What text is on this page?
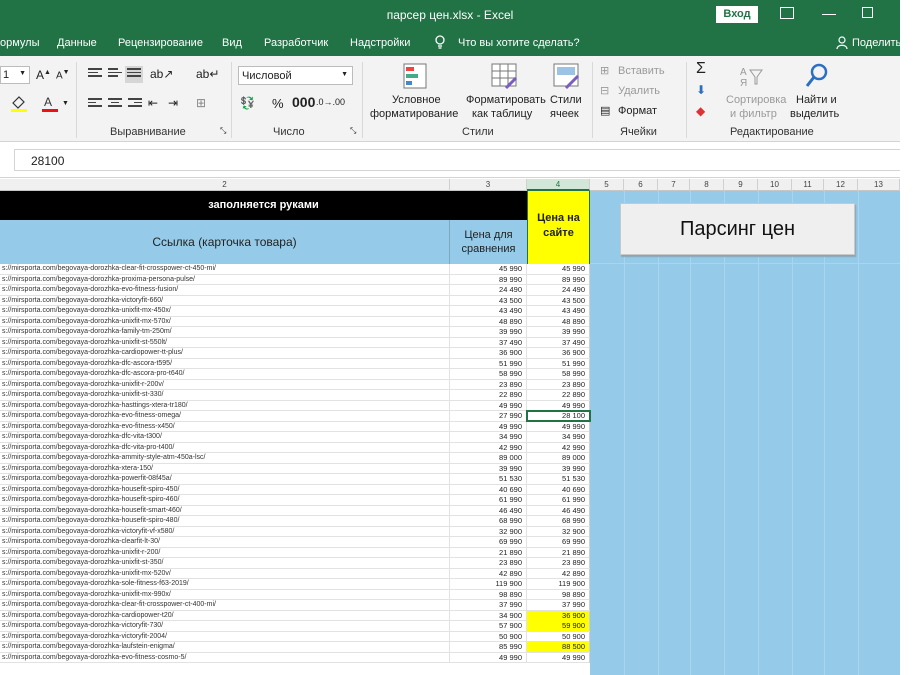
парсер цен.xlsx - Excel	Вход
ормулы Данные Рецензирование Вид Разработчик Надстройки	Что вы хотите сделать?	Поделиться
1 ▼ A▲ A▼
A ▼
ab↗ ab↵
⇤ ⇥ ⊞
Выравнивание	⤡
Числовой	▼
💱 % 000 .0→.00
Число	⤡
Условное
форматирование
Форматировать
как таблицу
Стили
ячеек
Стили
⊞ Вставить
⊟ Удалить
▤ Формат
Ячейки
Σ
⬇
◆
A
Я
Сортировка
и фильтр
Найти и
выделить
Редактирование
28100
2	3	4	5	6	7	8	9	10	11	12	13
заполняется руками
Ссылка (карточка товара)	Цена для
сравнения
Цена на
сайте	Парсинг цен
s://mirsporta.com/begovaya-dorozhka-clear-fit-crosspower-ct-450-mi/	45 990	45 990
s://mirsporta.com/begovaya-dorozhka-proxima-persona-pulse/	89 990	89 990
s://mirsporta.com/begovaya-dorozhka-evo-fitness-fusion/	24 490	24 490
s://mirsporta.com/begovaya-dorozhka-victoryfit-660/	43 500	43 500
s://mirsporta.com/begovaya-dorozhka-unixfit-mx-450x/	43 490	43 490
s://mirsporta.com/begovaya-dorozhka-unixfit-mx-570x/	48 890	48 890
s://mirsporta.com/begovaya-dorozhka-family-tm-250m/	39 990	39 990
s://mirsporta.com/begovaya-dorozhka-unixfit-st-550lt/	37 490	37 490
s://mirsporta.com/begovaya-dorozhka-cardiopower-tt-plus/	36 900	36 900
s://mirsporta.com/begovaya-dorozhka-dfc-ascora-t595/	51 990	51 990
s://mirsporta.com/begovaya-dorozhka-dfc-ascora-pro-t640/	58 990	58 990
s://mirsporta.com/begovaya-dorozhka-unixfit-r-200v/	23 890	23 890
s://mirsporta.com/begovaya-dorozhka-unixfit-st-330/	22 890	22 890
s://mirsporta.com/begovaya-dorozhka-hasttings-xtera-tr180/	49 990	49 990
s://mirsporta.com/begovaya-dorozhka-evo-fitness-omega/	27 990	28 100
s://mirsporta.com/begovaya-dorozhka-evo-fitness-x450/	49 990	49 990
s://mirsporta.com/begovaya-dorozhka-dfc-vita-t300/	34 990	34 990
s://mirsporta.com/begovaya-dorozhka-dfc-vita-pro-t400/	42 990	42 990
s://mirsporta.com/begovaya-dorozhka-ammity-style-atm-450a-lsc/	89 000	89 000
s://mirsporta.com/begovaya-dorozhka-xtera-150/	39 990	39 990
s://mirsporta.com/begovaya-dorozhka-powerfit-08f45a/	51 530	51 530
s://mirsporta.com/begovaya-dorozhka-housefit-spiro-450/	40 690	40 690
s://mirsporta.com/begovaya-dorozhka-housefit-spiro-460/	61 990	61 990
s://mirsporta.com/begovaya-dorozhka-housefit-smart-460/	46 490	46 490
s://mirsporta.com/begovaya-dorozhka-housefit-spiro-480/	68 990	68 990
s://mirsporta.com/begovaya-dorozhka-victoryfit-vf-x580/	32 900	32 900
s://mirsporta.com/begovaya-dorozhka-clearfit-lt-30/	69 990	69 990
s://mirsporta.com/begovaya-dorozhka-unixfit-r-200/	21 890	21 890
s://mirsporta.com/begovaya-dorozhka-unixfit-st-350/	23 890	23 890
s://mirsporta.com/begovaya-dorozhka-unixfit-mx-520v/	42 890	42 890
s://mirsporta.com/begovaya-dorozhka-sole-fitness-f63-2019/	119 900	119 900
s://mirsporta.com/begovaya-dorozhka-unixfit-mx-990x/	98 890	98 890
s://mirsporta.com/begovaya-dorozhka-clear-fit-crosspower-ct-400-mi/	37 990	37 990
s://mirsporta.com/begovaya-dorozhka-cardiopower-t20/	34 900	36 900
s://mirsporta.com/begovaya-dorozhka-victoryfit-730/	57 900	59 900
s://mirsporta.com/begovaya-dorozhka-victoryfit-2004/	50 900	50 900
s://mirsporta.com/begovaya-dorozhka-laufstein-enigma/	85 990	88 500
s://mirsporta.com/begovaya-dorozhka-evo-fitness-cosmo-5/	49 990	49 990
